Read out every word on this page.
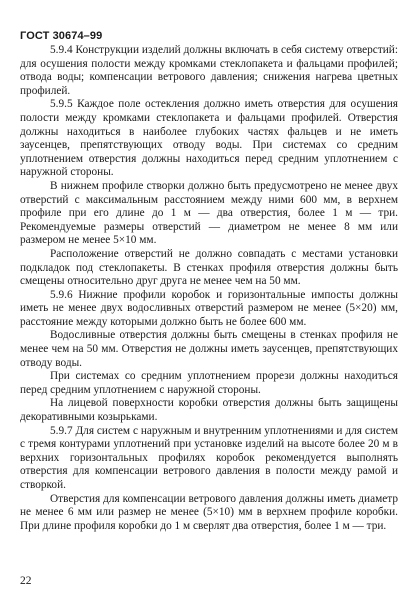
ГОСТ 30674–99

5.9.4 Конструкции изделий должны включать в себя систему отверстий: для осушения полости между кромками стеклопакета и фальцами профилей; отвода воды; компенсации ветрового давления; снижения нагрева цветных профилей.

5.9.5 Каждое поле остекления должно иметь отверстия для осушения полости между кромками стеклопакета и фальцами профилей. Отверстия должны находиться в наиболее глубоких частях фальцев и не иметь заусенцев, препятствующих отводу воды. При системах со средним уплотнением отверстия должны находиться перед средним уплотнением с наружной стороны.

В нижнем профиле створки должно быть предусмотрено не менее двух отверстий с максимальным расстоянием между ними 600 мм, в верхнем профиле при его длине до 1 м — два отверстия, более 1 м — три. Рекомендуемые размеры отверстий — диаметром не менее 8 мм или размером не менее 5×10 мм.

Расположение отверстий не должно совпадать с местами установки подкладок под стеклопакеты. В стенках профиля отверстия должны быть смещены относительно друг друга не менее чем на 50 мм.

5.9.6 Нижние профили коробок и горизонтальные импосты должны иметь не менее двух водосливных отверстий размером не менее (5×20) мм, расстояние между которыми должно быть не более 600 мм.

Водосливные отверстия должны быть смещены в стенках профиля не менее чем на 50 мм. Отверстия не должны иметь заусенцев, препятствующих отводу воды.

При системах со средним уплотнением прорези должны находиться перед средним уплотнением с наружной стороны.

На лицевой поверхности коробки отверстия должны быть защищены декоративными козырьками.

5.9.7 Для систем с наружным и внутренним уплотнениями и для систем с тремя контурами уплотнений при установке изделий на высоте более 20 м в верхних горизонтальных профилях коробок рекомендуется выполнять отверстия для компенсации ветрового давления в полости между рамой и створкой.

Отверстия для компенсации ветрового давления должны иметь диаметр не менее 6 мм или размер не менее (5×10) мм в верхнем профиле коробки. При длине профиля коробки до 1 м сверлят два отверстия, более 1 м — три.

22
